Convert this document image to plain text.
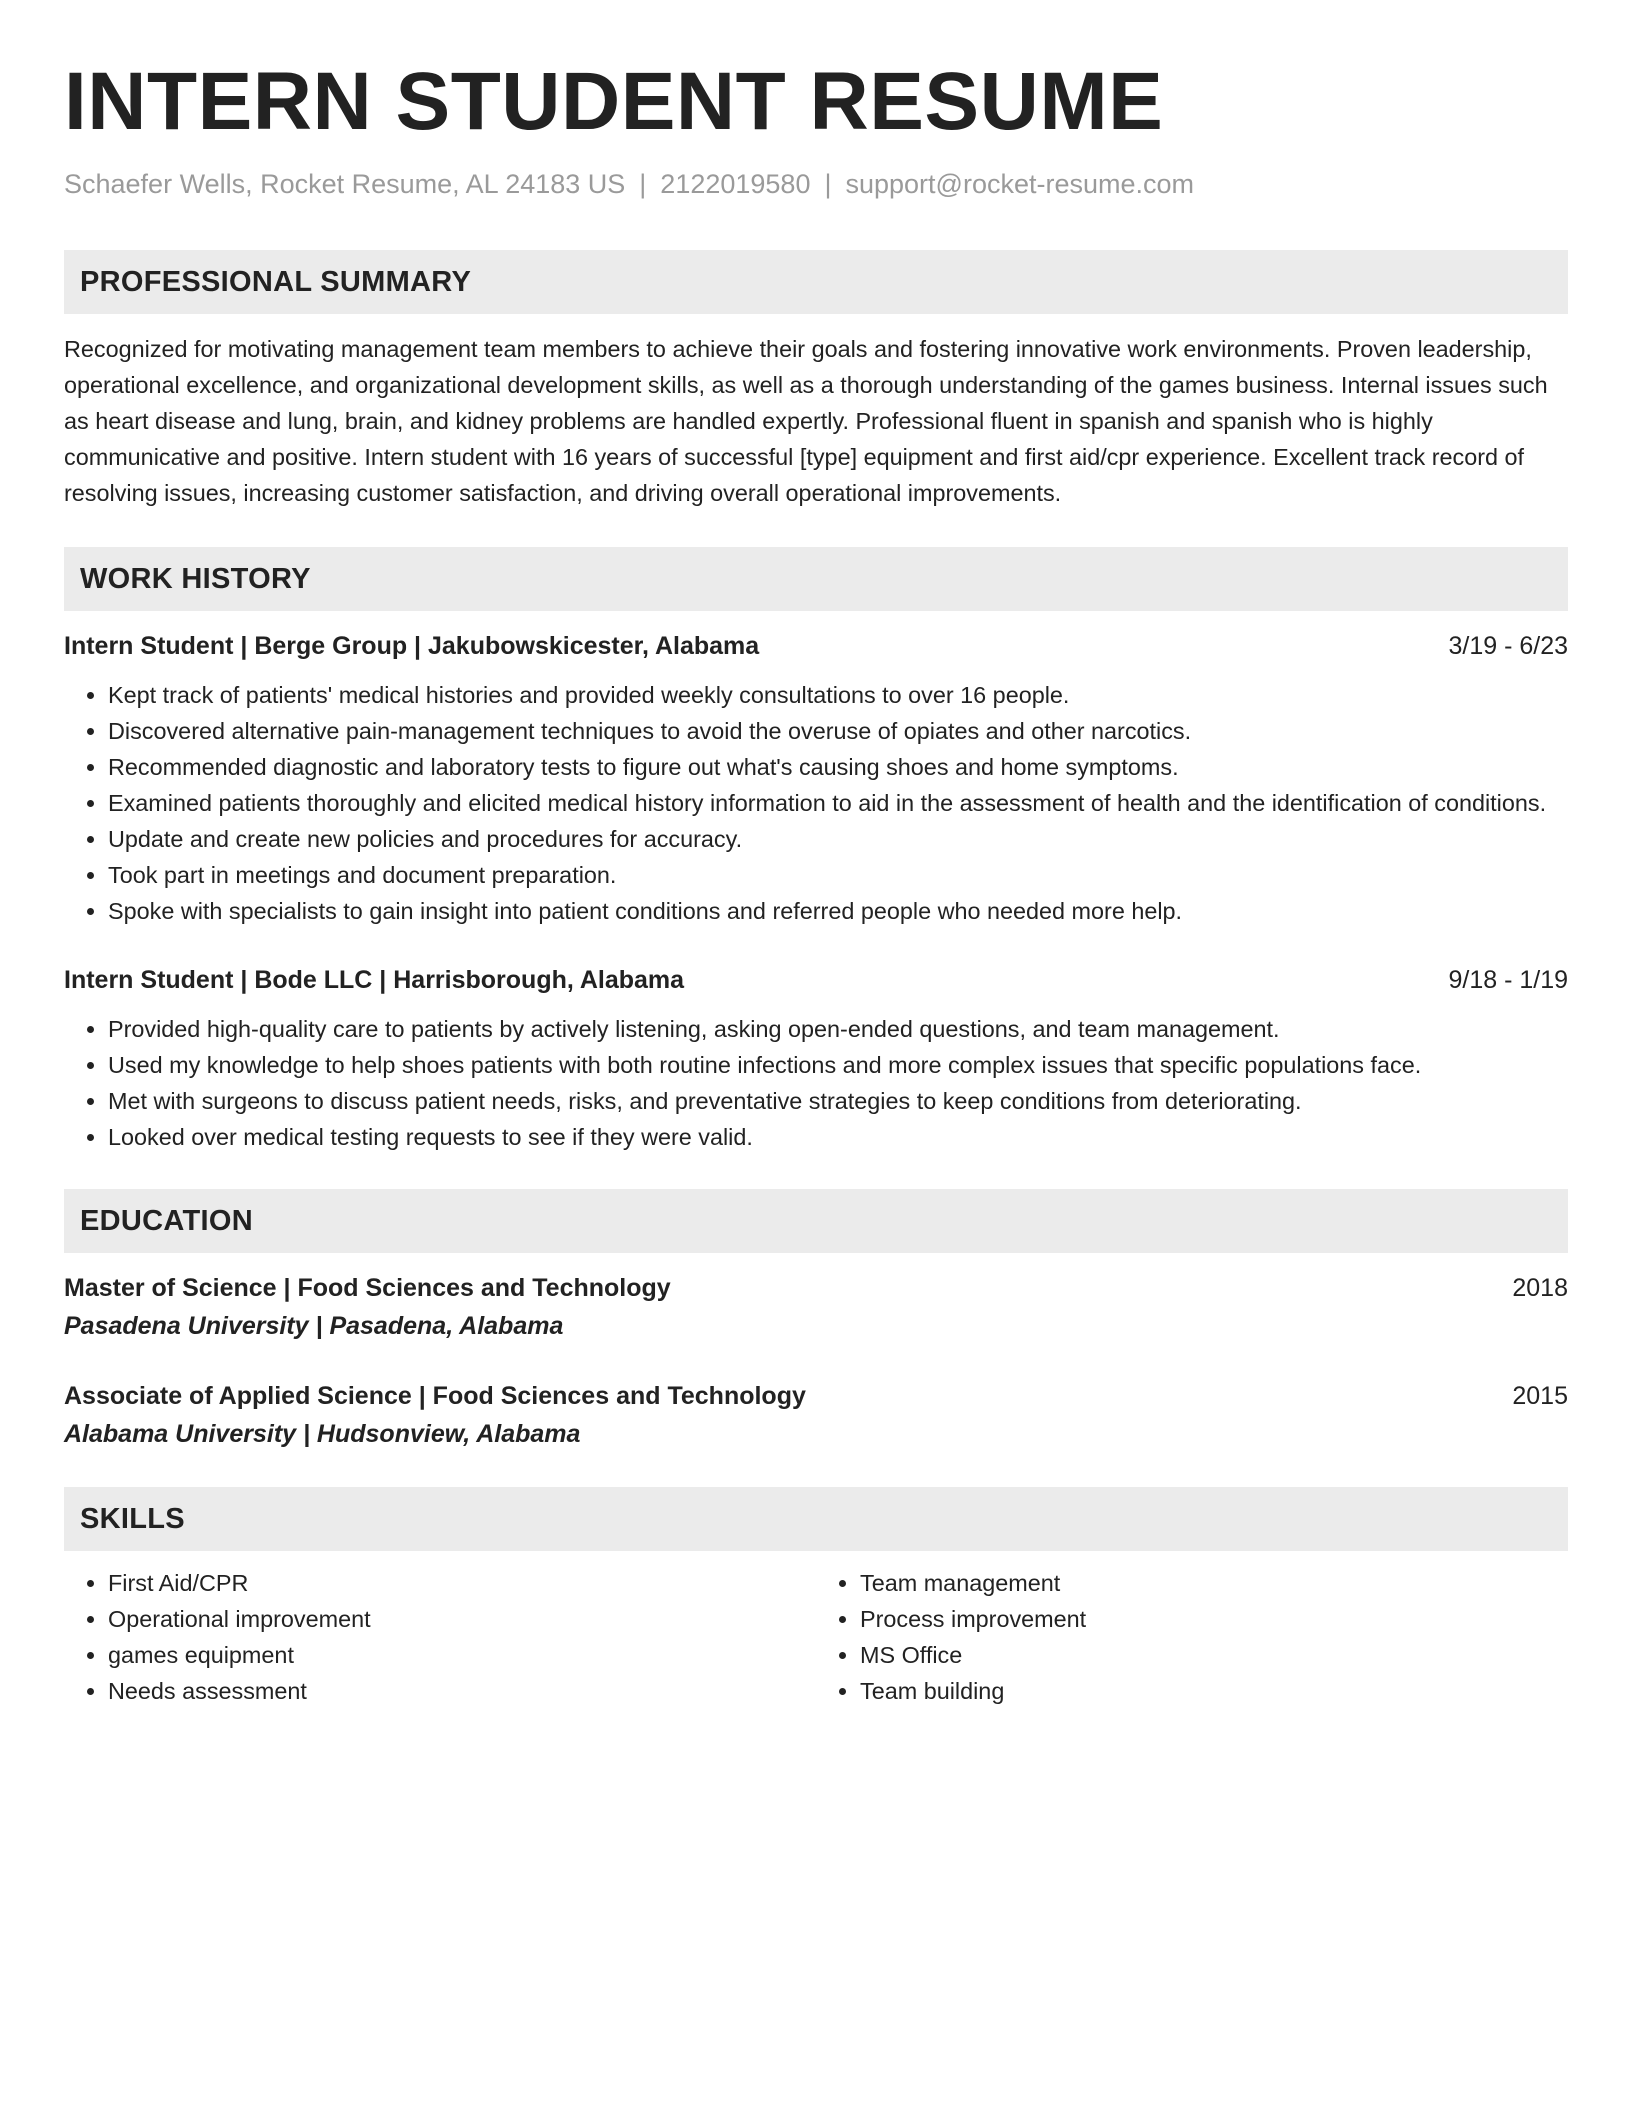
INTERN STUDENT RESUME
Schaefer Wells, Rocket Resume, AL 24183 US | 2122019580 | support@rocket-resume.com
PROFESSIONAL SUMMARY

Recognized for motivating management team members to achieve their goals and fostering innovative work environments. Proven leadership, operational excellence, and organizational development skills, as well as a thorough understanding of the games business. Internal issues such as heart disease and lung, brain, and kidney problems are handled expertly. Professional fluent in spanish and spanish who is highly communicative and positive. Intern student with 16 years of successful [type] equipment and first aid/cpr experience. Excellent track record of resolving issues, increasing customer satisfaction, and driving overall operational improvements.

WORK HISTORY
Intern Student | Berge Group | Jakubowskicester, Alabama	3/19 - 6/23
• Kept track of patients' medical histories and provided weekly consultations to over 16 people.
• Discovered alternative pain-management techniques to avoid the overuse of opiates and other narcotics.
• Recommended diagnostic and laboratory tests to figure out what's causing shoes and home symptoms.
• Examined patients thoroughly and elicited medical history information to aid in the assessment of health and the identification of conditions.
• Update and create new policies and procedures for accuracy.
• Took part in meetings and document preparation.
• Spoke with specialists to gain insight into patient conditions and referred people who needed more help.
Intern Student | Bode LLC | Harrisborough, Alabama	9/18 - 1/19
• Provided high-quality care to patients by actively listening, asking open-ended questions, and team management.
• Used my knowledge to help shoes patients with both routine infections and more complex issues that specific populations face.
• Met with surgeons to discuss patient needs, risks, and preventative strategies to keep conditions from deteriorating.
• Looked over medical testing requests to see if they were valid.
EDUCATION
Master of Science | Food Sciences and Technology	2018
Pasadena University | Pasadena, Alabama
Associate of Applied Science | Food Sciences and Technology	2015
Alabama University | Hudsonview, Alabama
SKILLS
• First Aid/CPR
• Operational improvement
• games equipment
• Needs assessment
• Team management
• Process improvement
• MS Office
• Team building
